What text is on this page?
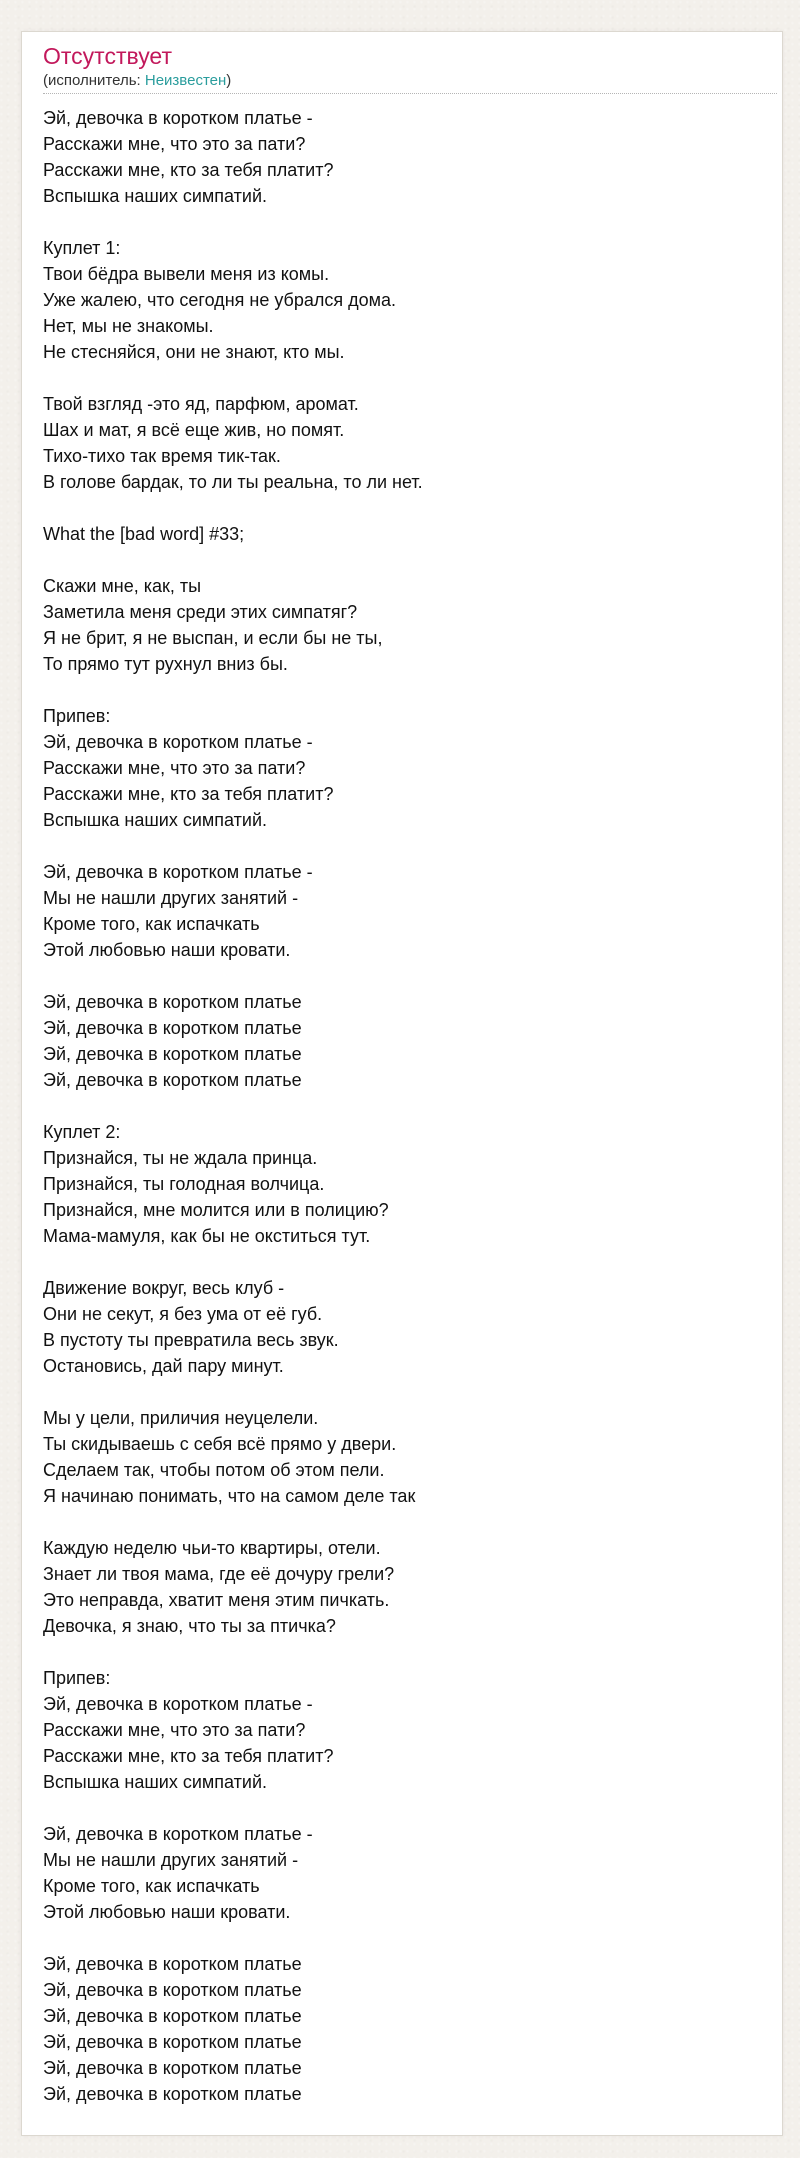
Отсутствует
(исполнитель: Неизвестен)
Эй, девочка в коротком платье -
Расскажи мне, что это за пати?
Расскажи мне, кто за тебя платит?
Вспышка наших симпатий.
Куплет 1:
Твои бёдра вывели меня из комы.
Уже жалею, что сегодня не убрался дома.
Нет, мы не знакомы.
Не стесняйся, они не знают, кто мы.
Твой взгляд -это яд, парфюм, аромат.
Шах и мат, я всё еще жив, но помят.
Тихо-тихо так время тик-так.
В голове бардак, то ли ты реальна, то ли нет.
What the [bad word] #33;
Скажи мне, как, ты
Заметила меня среди этих симпатяг?
Я не брит, я не выспан, и если бы не ты,
То прямо тут рухнул вниз бы.
Припев:
Эй, девочка в коротком платье -
Расскажи мне, что это за пати?
Расскажи мне, кто за тебя платит?
Вспышка наших симпатий.
Эй, девочка в коротком платье -
Мы не нашли других занятий -
Кроме того, как испачкать
Этой любовью наши кровати.
Эй, девочка в коротком платье
Эй, девочка в коротком платье
Эй, девочка в коротком платье
Эй, девочка в коротком платье
Куплет 2:
Признайся, ты не ждала принца.
Признайся, ты голодная волчица.
Признайся, мне молится или в полицию?
Мама-мамуля, как бы не окститься тут.
Движение вокруг, весь клуб -
Они не секут, я без ума от её губ.
В пустоту ты превратила весь звук.
Остановись, дай пару минут.
Мы у цели, приличия неуцелели.
Ты скидываешь с себя всё прямо у двери.
Сделаем так, чтобы потом об этом пели.
Я начинаю понимать, что на самом деле так
Каждую неделю чьи-то квартиры, отели.
Знает ли твоя мама, где её дочуру грели?
Это неправда, хватит меня этим пичкать.
Девочка, я знаю, что ты за птичка?
Припев:
Эй, девочка в коротком платье -
Расскажи мне, что это за пати?
Расскажи мне, кто за тебя платит?
Вспышка наших симпатий.
Эй, девочка в коротком платье -
Мы не нашли других занятий -
Кроме того, как испачкать
Этой любовью наши кровати.
Эй, девочка в коротком платье
Эй, девочка в коротком платье
Эй, девочка в коротком платье
Эй, девочка в коротком платье
Эй, девочка в коротком платье
Эй, девочка в коротком платье
